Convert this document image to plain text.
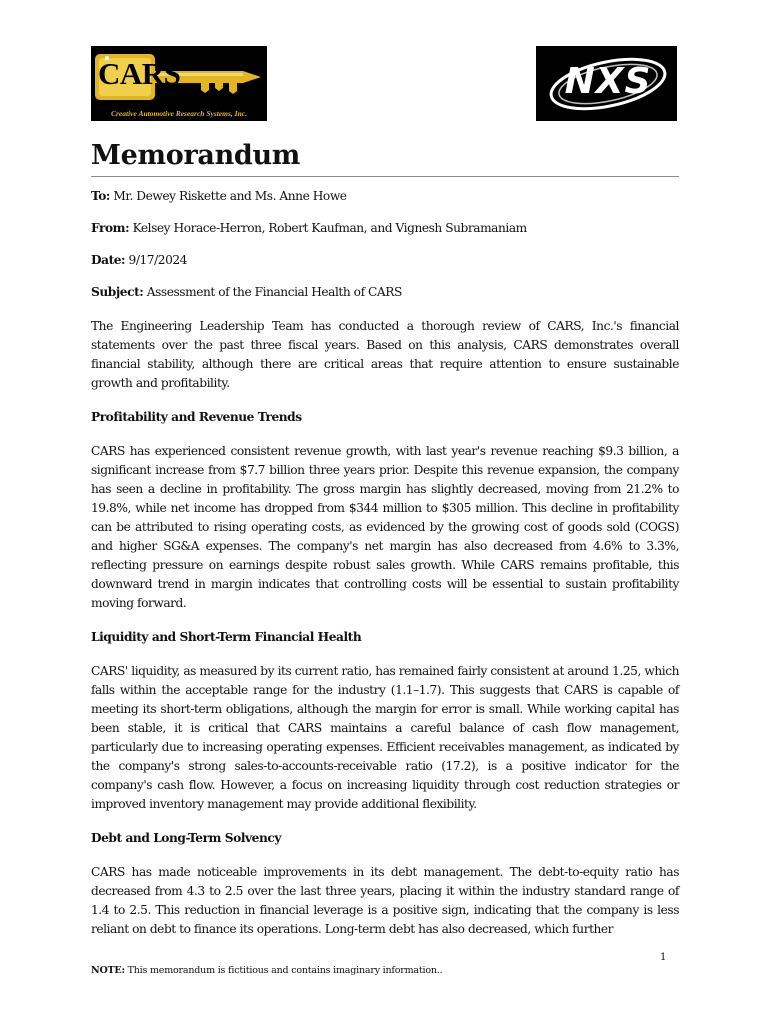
CARS
Creative Automotive Research Systems, Inc.
NXS
Memorandum

To: Mr. Dewey Riskette and Ms. Anne Howe

From: Kelsey Horace-Herron, Robert Kaufman, and Vignesh Subramaniam

Date: 9/17/2024

Subject: Assessment of the Financial Health of CARS

The Engineering Leadership Team has conducted a thorough review of CARS, Inc.'s financial statements over the past three fiscal years. Based on this analysis, CARS demonstrates overall financial stability, although there are critical areas that require attention to ensure sustainable growth and profitability.

Profitability and Revenue Trends

CARS has experienced consistent revenue growth, with last year's revenue reaching $9.3 billion, a significant increase from $7.7 billion three years prior. Despite this revenue expansion, the company has seen a decline in profitability. The gross margin has slightly decreased, moving from 21.2% to 19.8%, while net income has dropped from $344 million to $305 million. This decline in profitability can be attributed to rising operating costs, as evidenced by the growing cost of goods sold (COGS) and higher SG&A expenses. The company's net margin has also decreased from 4.6% to 3.3%, reflecting pressure on earnings despite robust sales growth. While CARS remains profitable, this downward trend in margin indicates that controlling costs will be essential to sustain profitability moving forward.

Liquidity and Short-Term Financial Health

CARS' liquidity, as measured by its current ratio, has remained fairly consistent at around 1.25, which falls within the acceptable range for the industry (1.1–1.7). This suggests that CARS is capable of meeting its short-term obligations, although the margin for error is small. While working capital has been stable, it is critical that CARS maintains a careful balance of cash flow management, particularly due to increasing operating expenses. Efficient receivables management, as indicated by the company's strong sales-to-accounts-receivable ratio (17.2), is a positive indicator for the company's cash flow. However, a focus on increasing liquidity through cost reduction strategies or improved inventory management may provide additional flexibility.

Debt and Long-Term Solvency

CARS has made noticeable improvements in its debt management. The debt-to-equity ratio has decreased from 4.3 to 2.5 over the last three years, placing it within the industry standard range of 1.4 to 2.5. This reduction in financial leverage is a positive sign, indicating that the company is less reliant on debt to finance its operations. Long-term debt has also decreased, which further

1
NOTE: This memorandum is fictitious and contains imaginary information..
